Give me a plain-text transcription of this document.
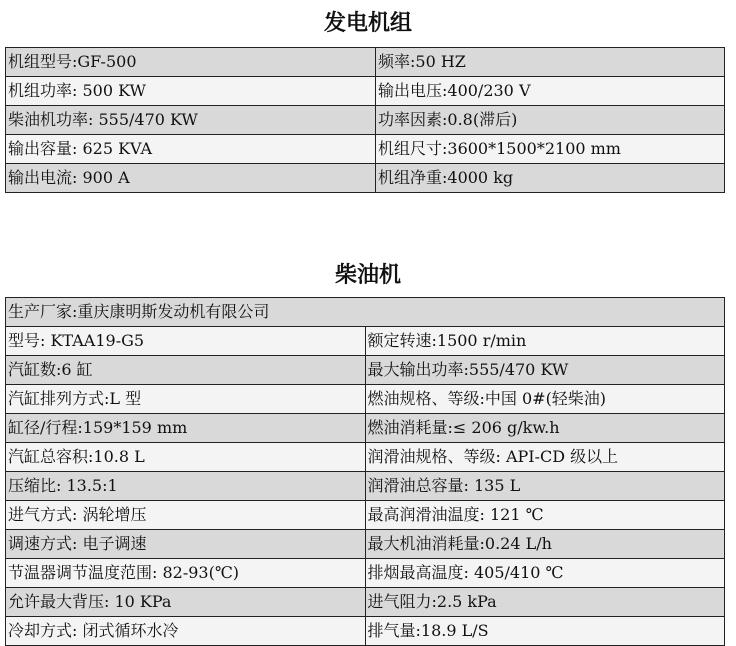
发电机组
机组型号:GF-500	频率:50 HZ
机组功率: 500 KW	输出电压:400/230 V
柴油机功率: 555/470 KW	功率因素:0.8(滞后)
输出容量: 625 KVA	机组尺寸:3600*1500*2100 mm
输出电流: 900 A	机组净重:4000 kg
柴油机
生产厂家:重庆康明斯发动机有限公司	
型号: KTAA19-G5	额定转速:1500 r/min
汽缸数:6 缸	最大输出功率:555/470 KW
汽缸排列方式:L 型	燃油规格、等级:中国 0#(轻柴油)
缸径/行程:159*159 mm	燃油消耗量:≤ 206 g/kw.h
汽缸总容积:10.8 L	润滑油规格、等级: API-CD 级以上
压缩比: 13.5:1	润滑油总容量: 135 L
进气方式: 涡轮增压	最高润滑油温度: 121 ℃
调速方式: 电子调速	最大机油消耗量:0.24 L/h
节温器调节温度范围: 82-93(℃)	排烟最高温度: 405/410 ℃
允许最大背压: 10 KPa	进气阻力:2.5 kPa
冷却方式: 闭式循环水冷	排气量:18.9 L/S
